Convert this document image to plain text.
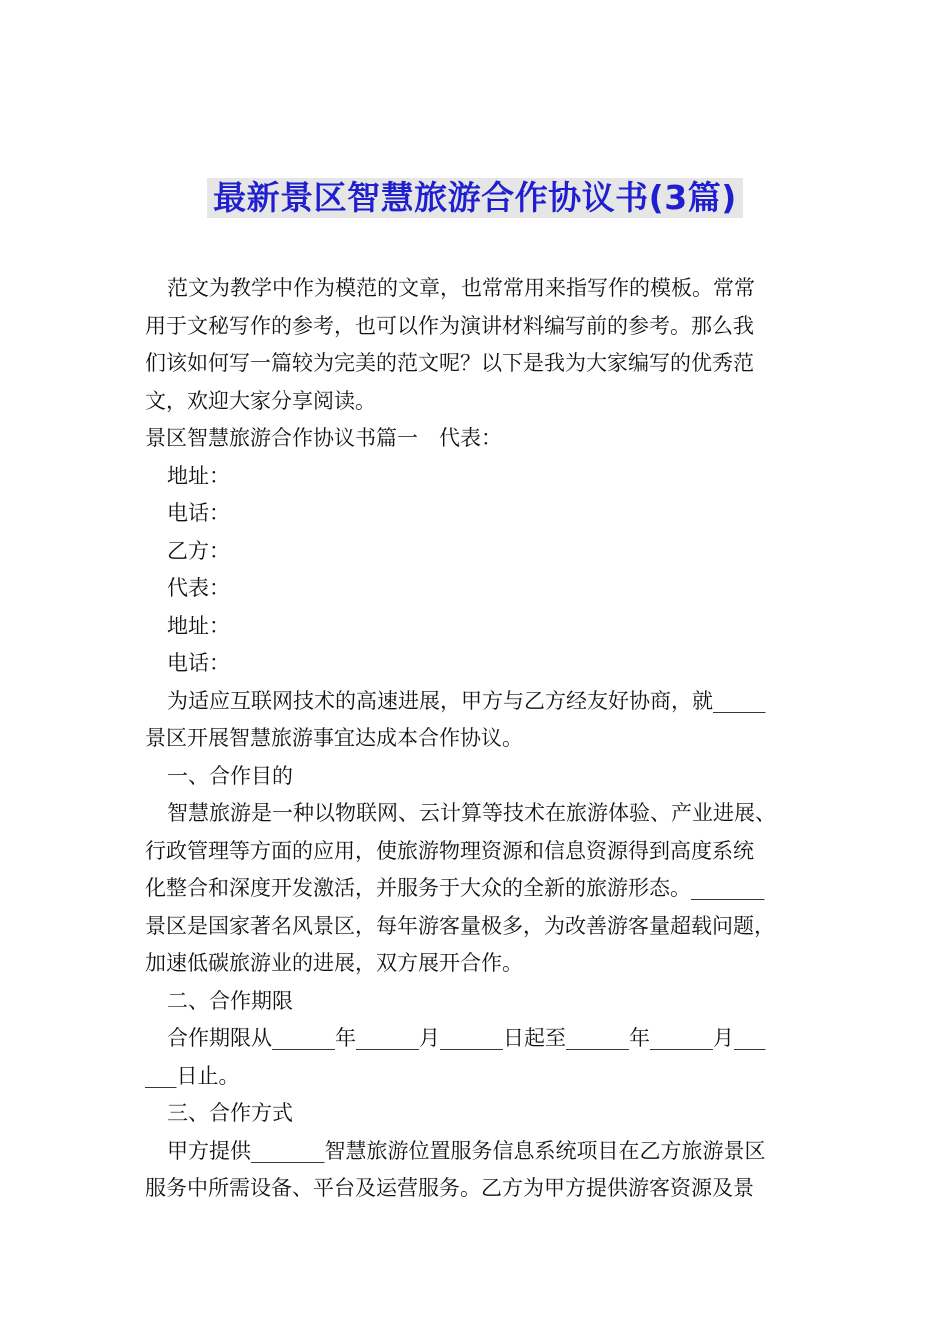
最新景区智慧旅游合作协议书(3篇)

范文为教学中作为模范的文章，也常常用来指写作的模板。常常

用于文秘写作的参考，也可以作为演讲材料编写前的参考。那么我

们该如何写一篇较为完美的范文呢？以下是我为大家编写的优秀范

文，欢迎大家分享阅读。

景区智慧旅游合作协议书篇一　代表：

地址：

电话：

乙方：

代表：

地址：

电话：

为适应互联网技术的高速进展，甲方与乙方经友好协商，就_____

景区开展智慧旅游事宜达成本合作协议。

一、合作目的

智慧旅游是一种以物联网、云计算等技术在旅游体验、产业进展、

行政管理等方面的应用，使旅游物理资源和信息资源得到高度系统

化整合和深度开发激活，并服务于大众的全新的旅游形态。_______

景区是国家著名风景区，每年游客量极多，为改善游客量超载问题，

加速低碳旅游业的进展，双方展开合作。

二、合作期限

合作期限从______年______月______日起至______年______月___

___日止。

三、合作方式

甲方提供_______智慧旅游位置服务信息系统项目在乙方旅游景区

服务中所需设备、平台及运营服务。乙方为甲方提供游客资源及景
